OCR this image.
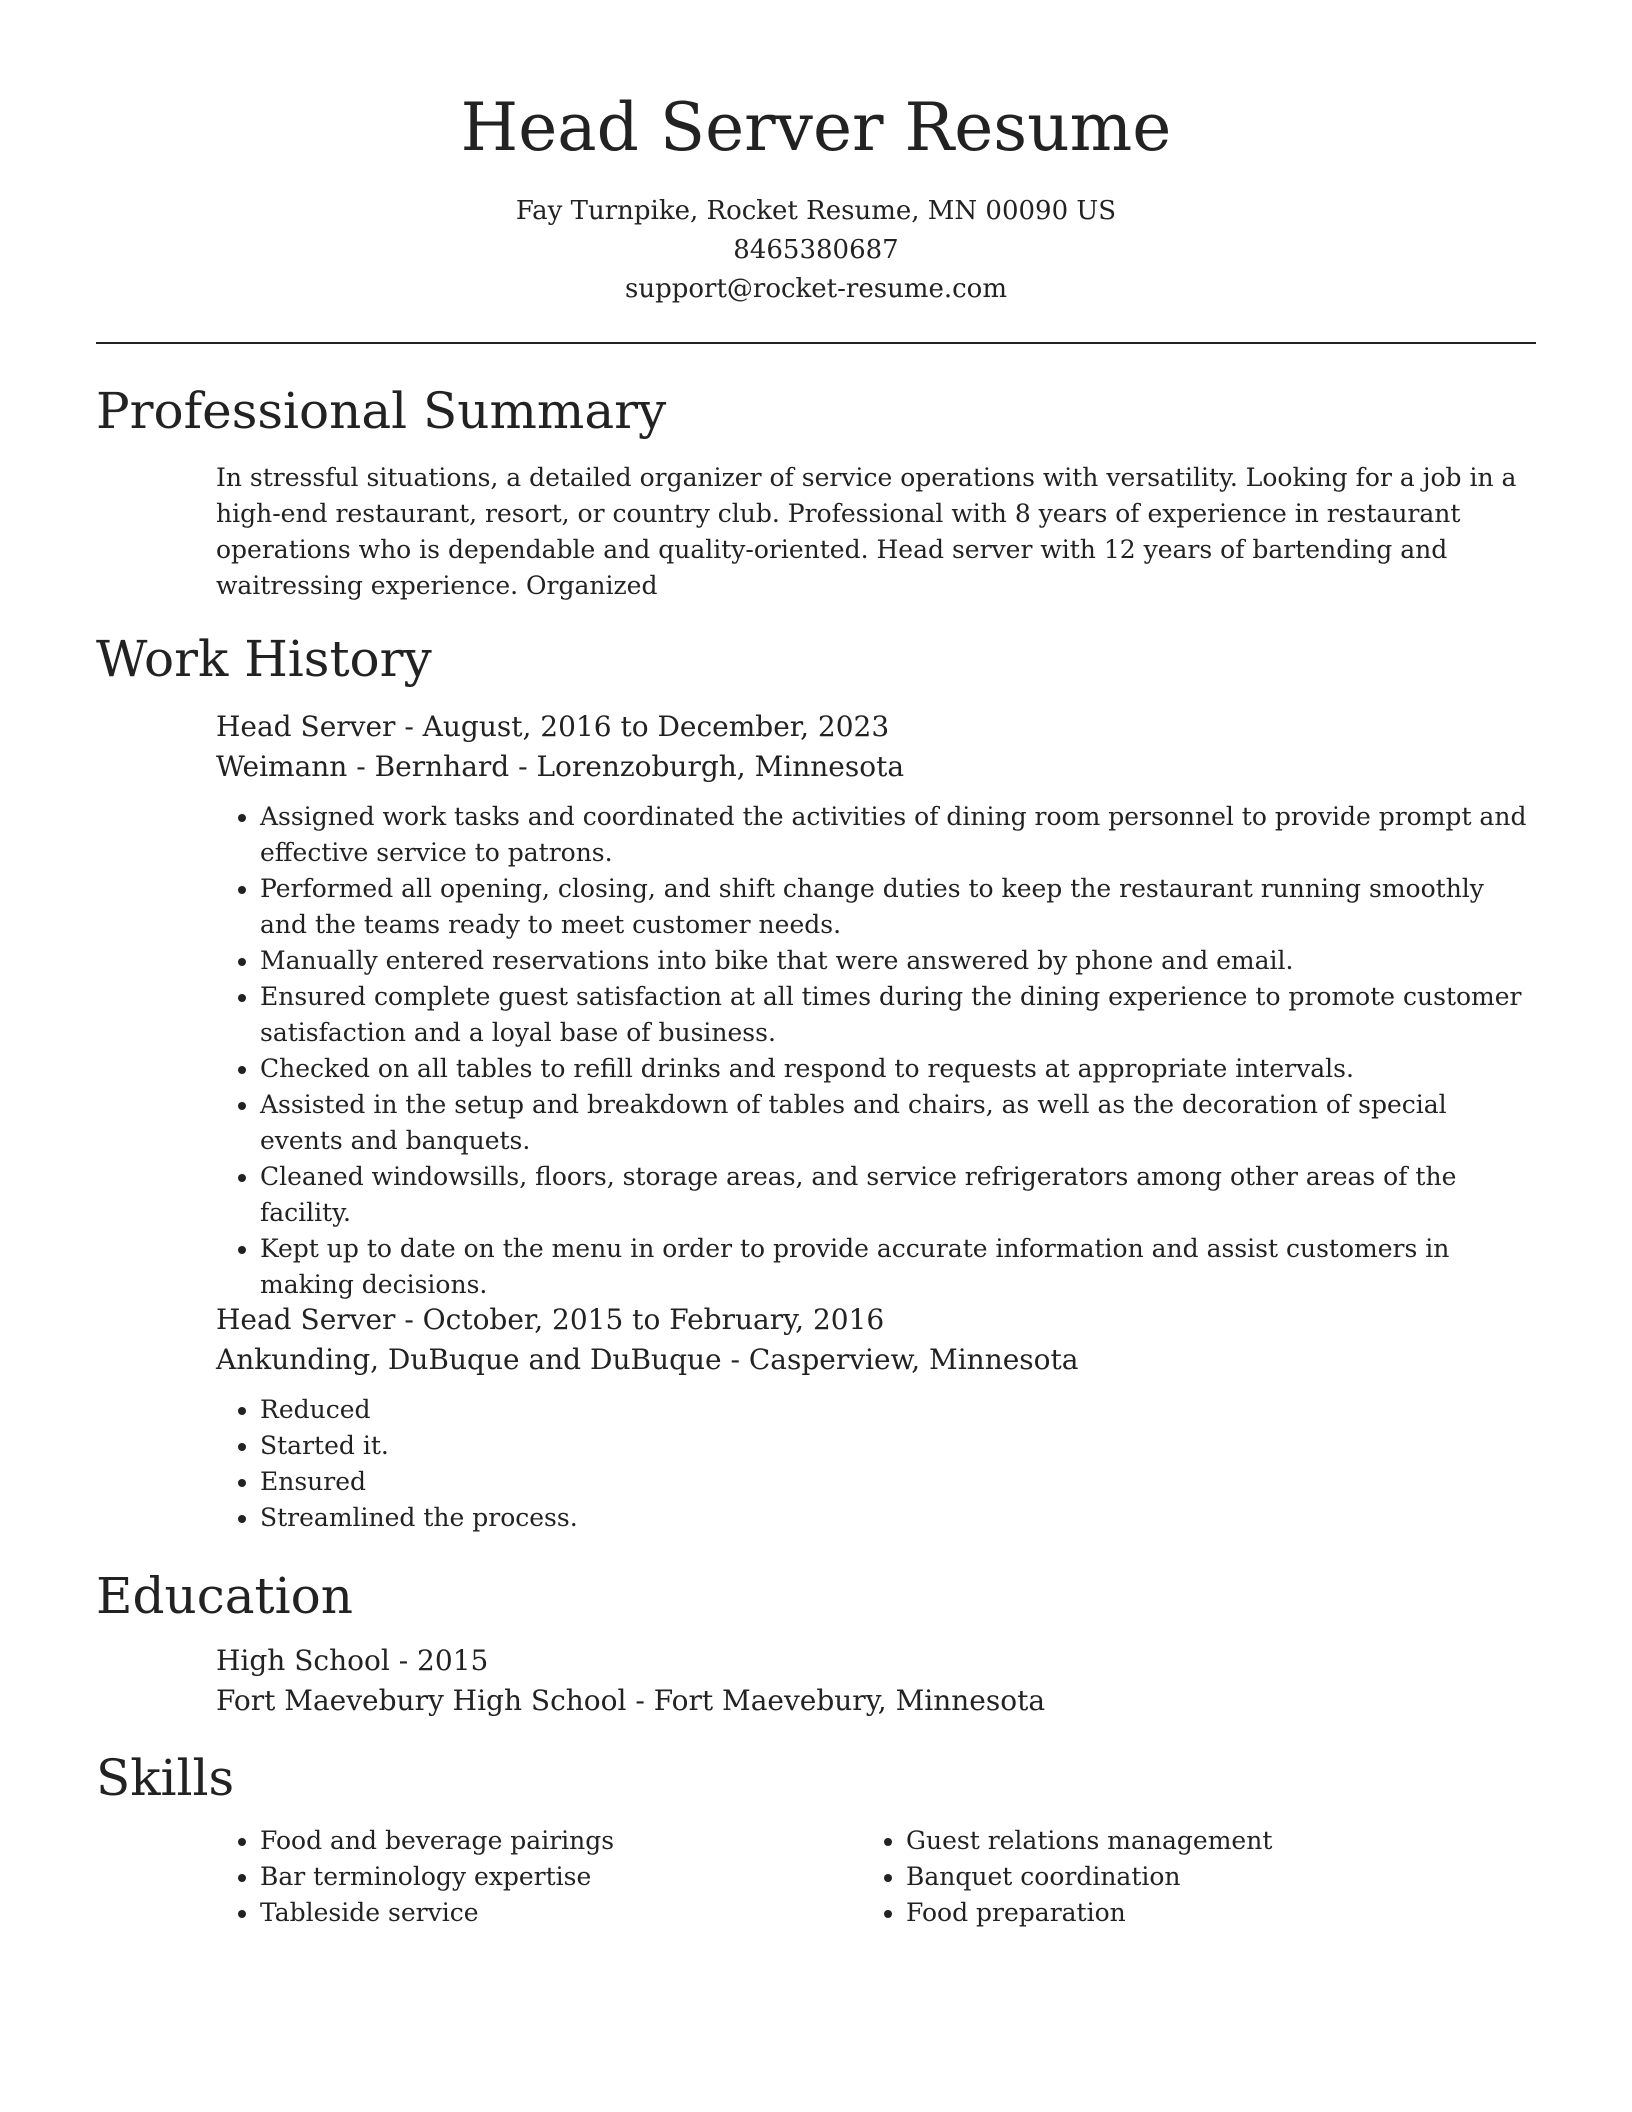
Head Server Resume
Fay Turnpike, Rocket Resume, MN 00090 US
8465380687
support@rocket-resume.com
Professional Summary

In stressful situations, a detailed organizer of service operations with versatility. Looking for a job in a high-end restaurant, resort, or country club. Professional with 8 years of experience in restaurant operations who is dependable and quality-oriented. Head server with 12 years of bartending and waitressing experience. Organized

Work History
Head Server - August, 2016 to December, 2023
Weimann - Bernhard - Lorenzoburgh, Minnesota
• Assigned work tasks and coordinated the activities of dining room personnel to provide prompt and effective service to patrons.
• Performed all opening, closing, and shift change duties to keep the restaurant running smoothly and the teams ready to meet customer needs.
• Manually entered reservations into bike that were answered by phone and email.
• Ensured complete guest satisfaction at all times during the dining experience to promote customer satisfaction and a loyal base of business.
• Checked on all tables to refill drinks and respond to requests at appropriate intervals.
• Assisted in the setup and breakdown of tables and chairs, as well as the decoration of special events and banquets.
• Cleaned windowsills, floors, storage areas, and service refrigerators among other areas of the facility.
• Kept up to date on the menu in order to provide accurate information and assist customers in making decisions.
Head Server - October, 2015 to February, 2016
Ankunding, DuBuque and DuBuque - Casperview, Minnesota
• Reduced
• Started it.
• Ensured
• Streamlined the process.
Education
High School - 2015
Fort Maevebury High School - Fort Maevebury, Minnesota
Skills
• Food and beverage pairings
• Bar terminology expertise
• Tableside service
• Guest relations management
• Banquet coordination
• Food preparation
